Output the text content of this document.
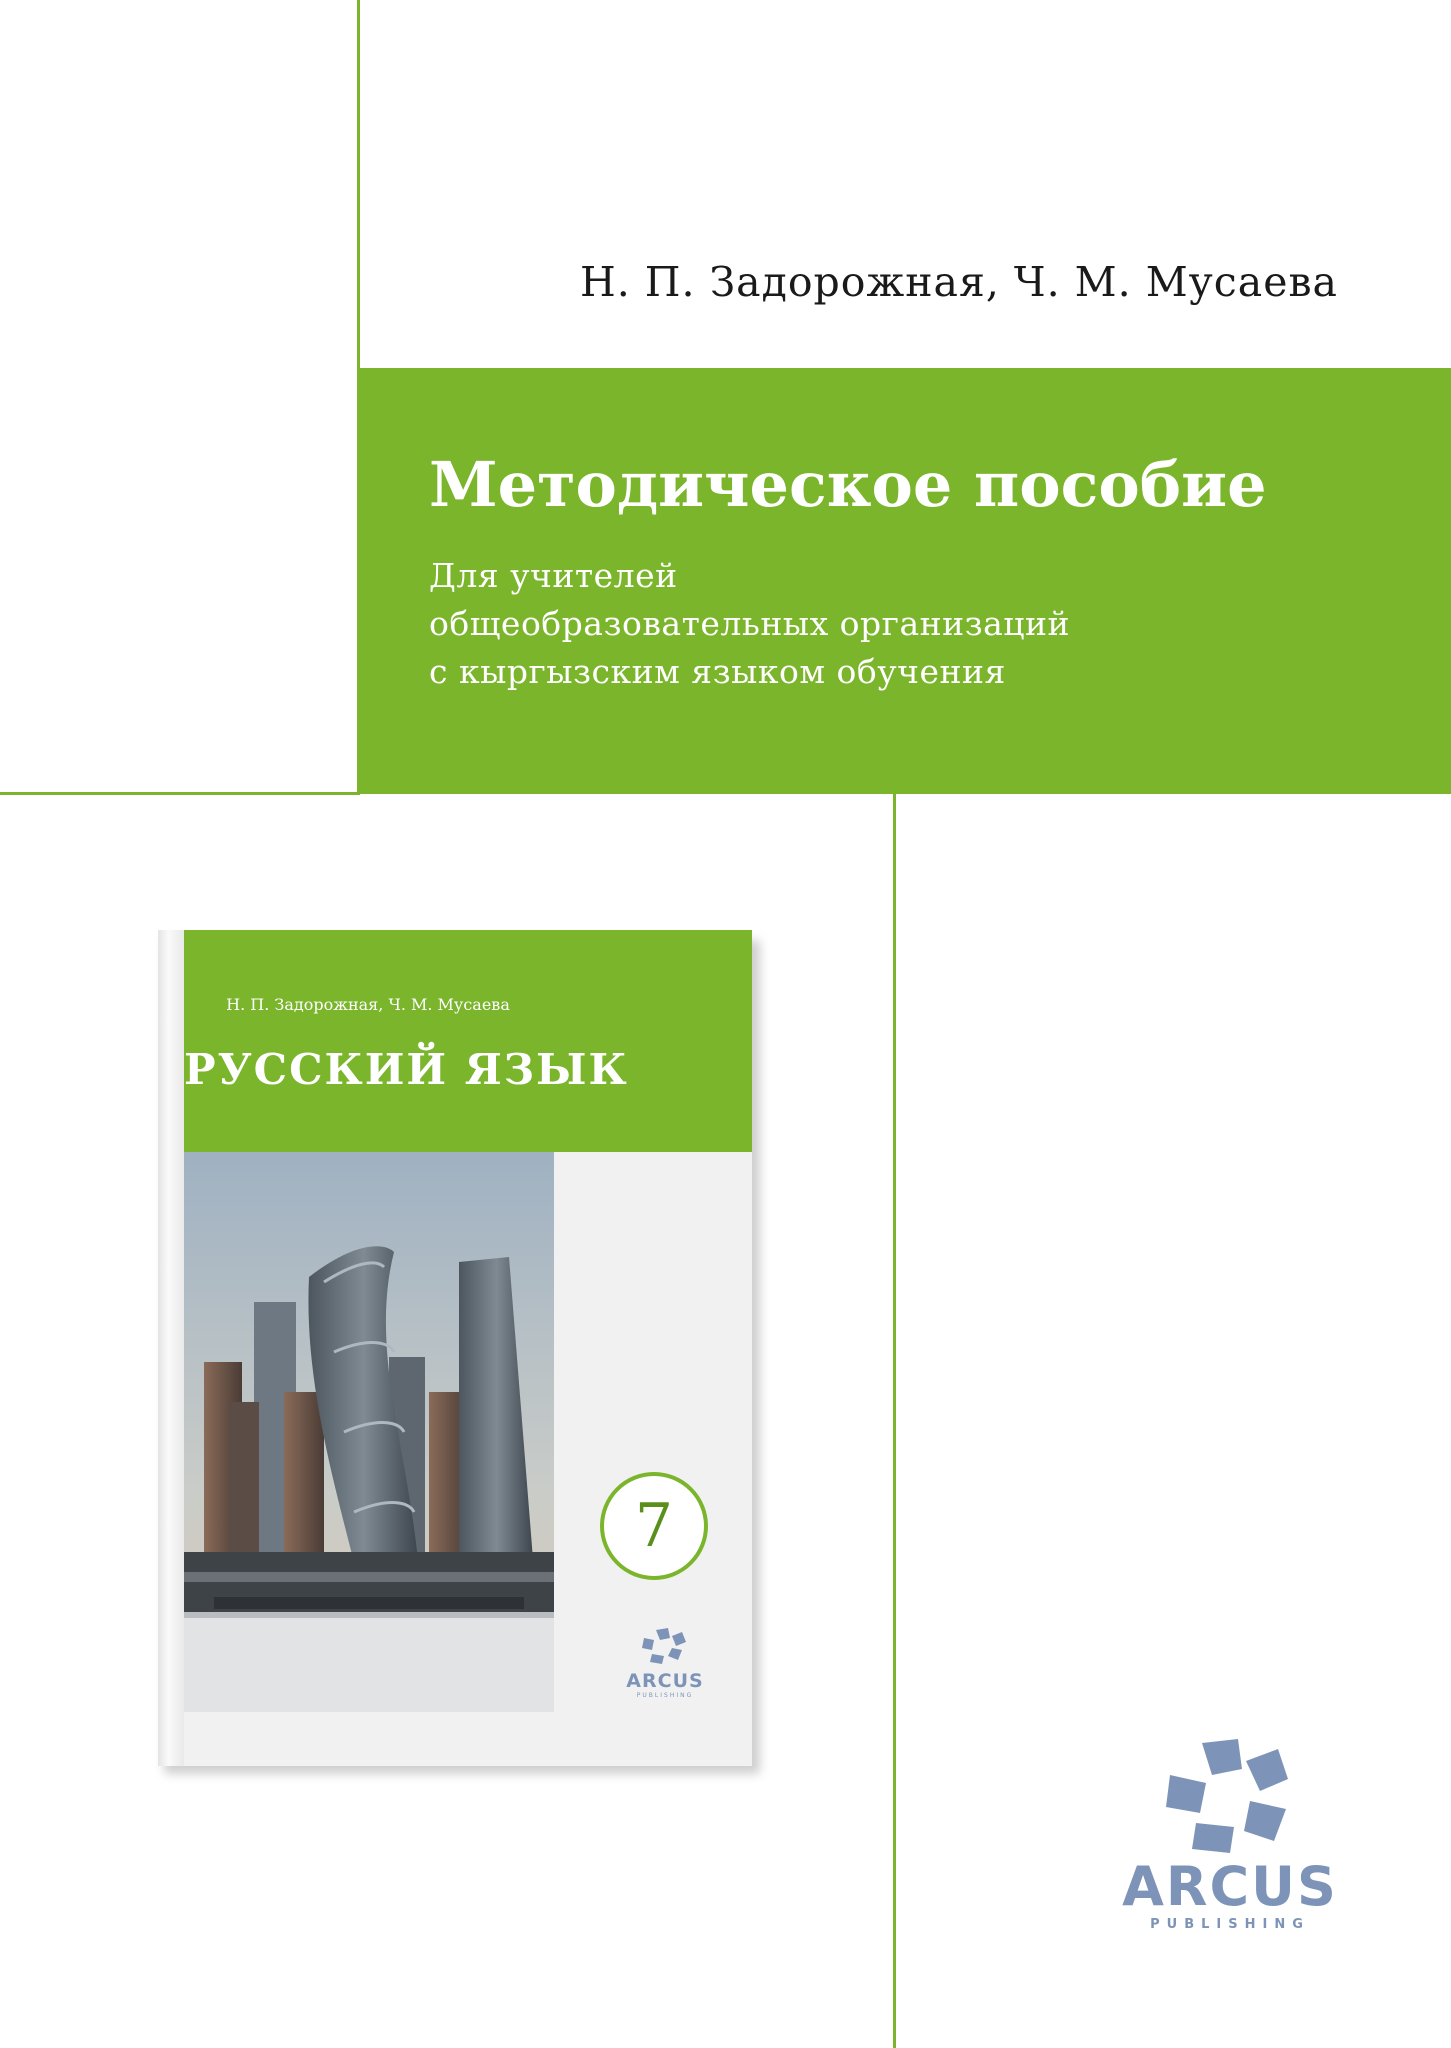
Н. П. Задорожная, Ч. М. Мусаева
Методическое пособие
Для учителей
общеобразовательных организаций
с кыргызским языком обучения
Н. П. Задорожная, Ч. М. Мусаева
РУССКИЙ ЯЗЫК
7
ARCUS
PUBLISHING
ARCUS
PUBLISHING
